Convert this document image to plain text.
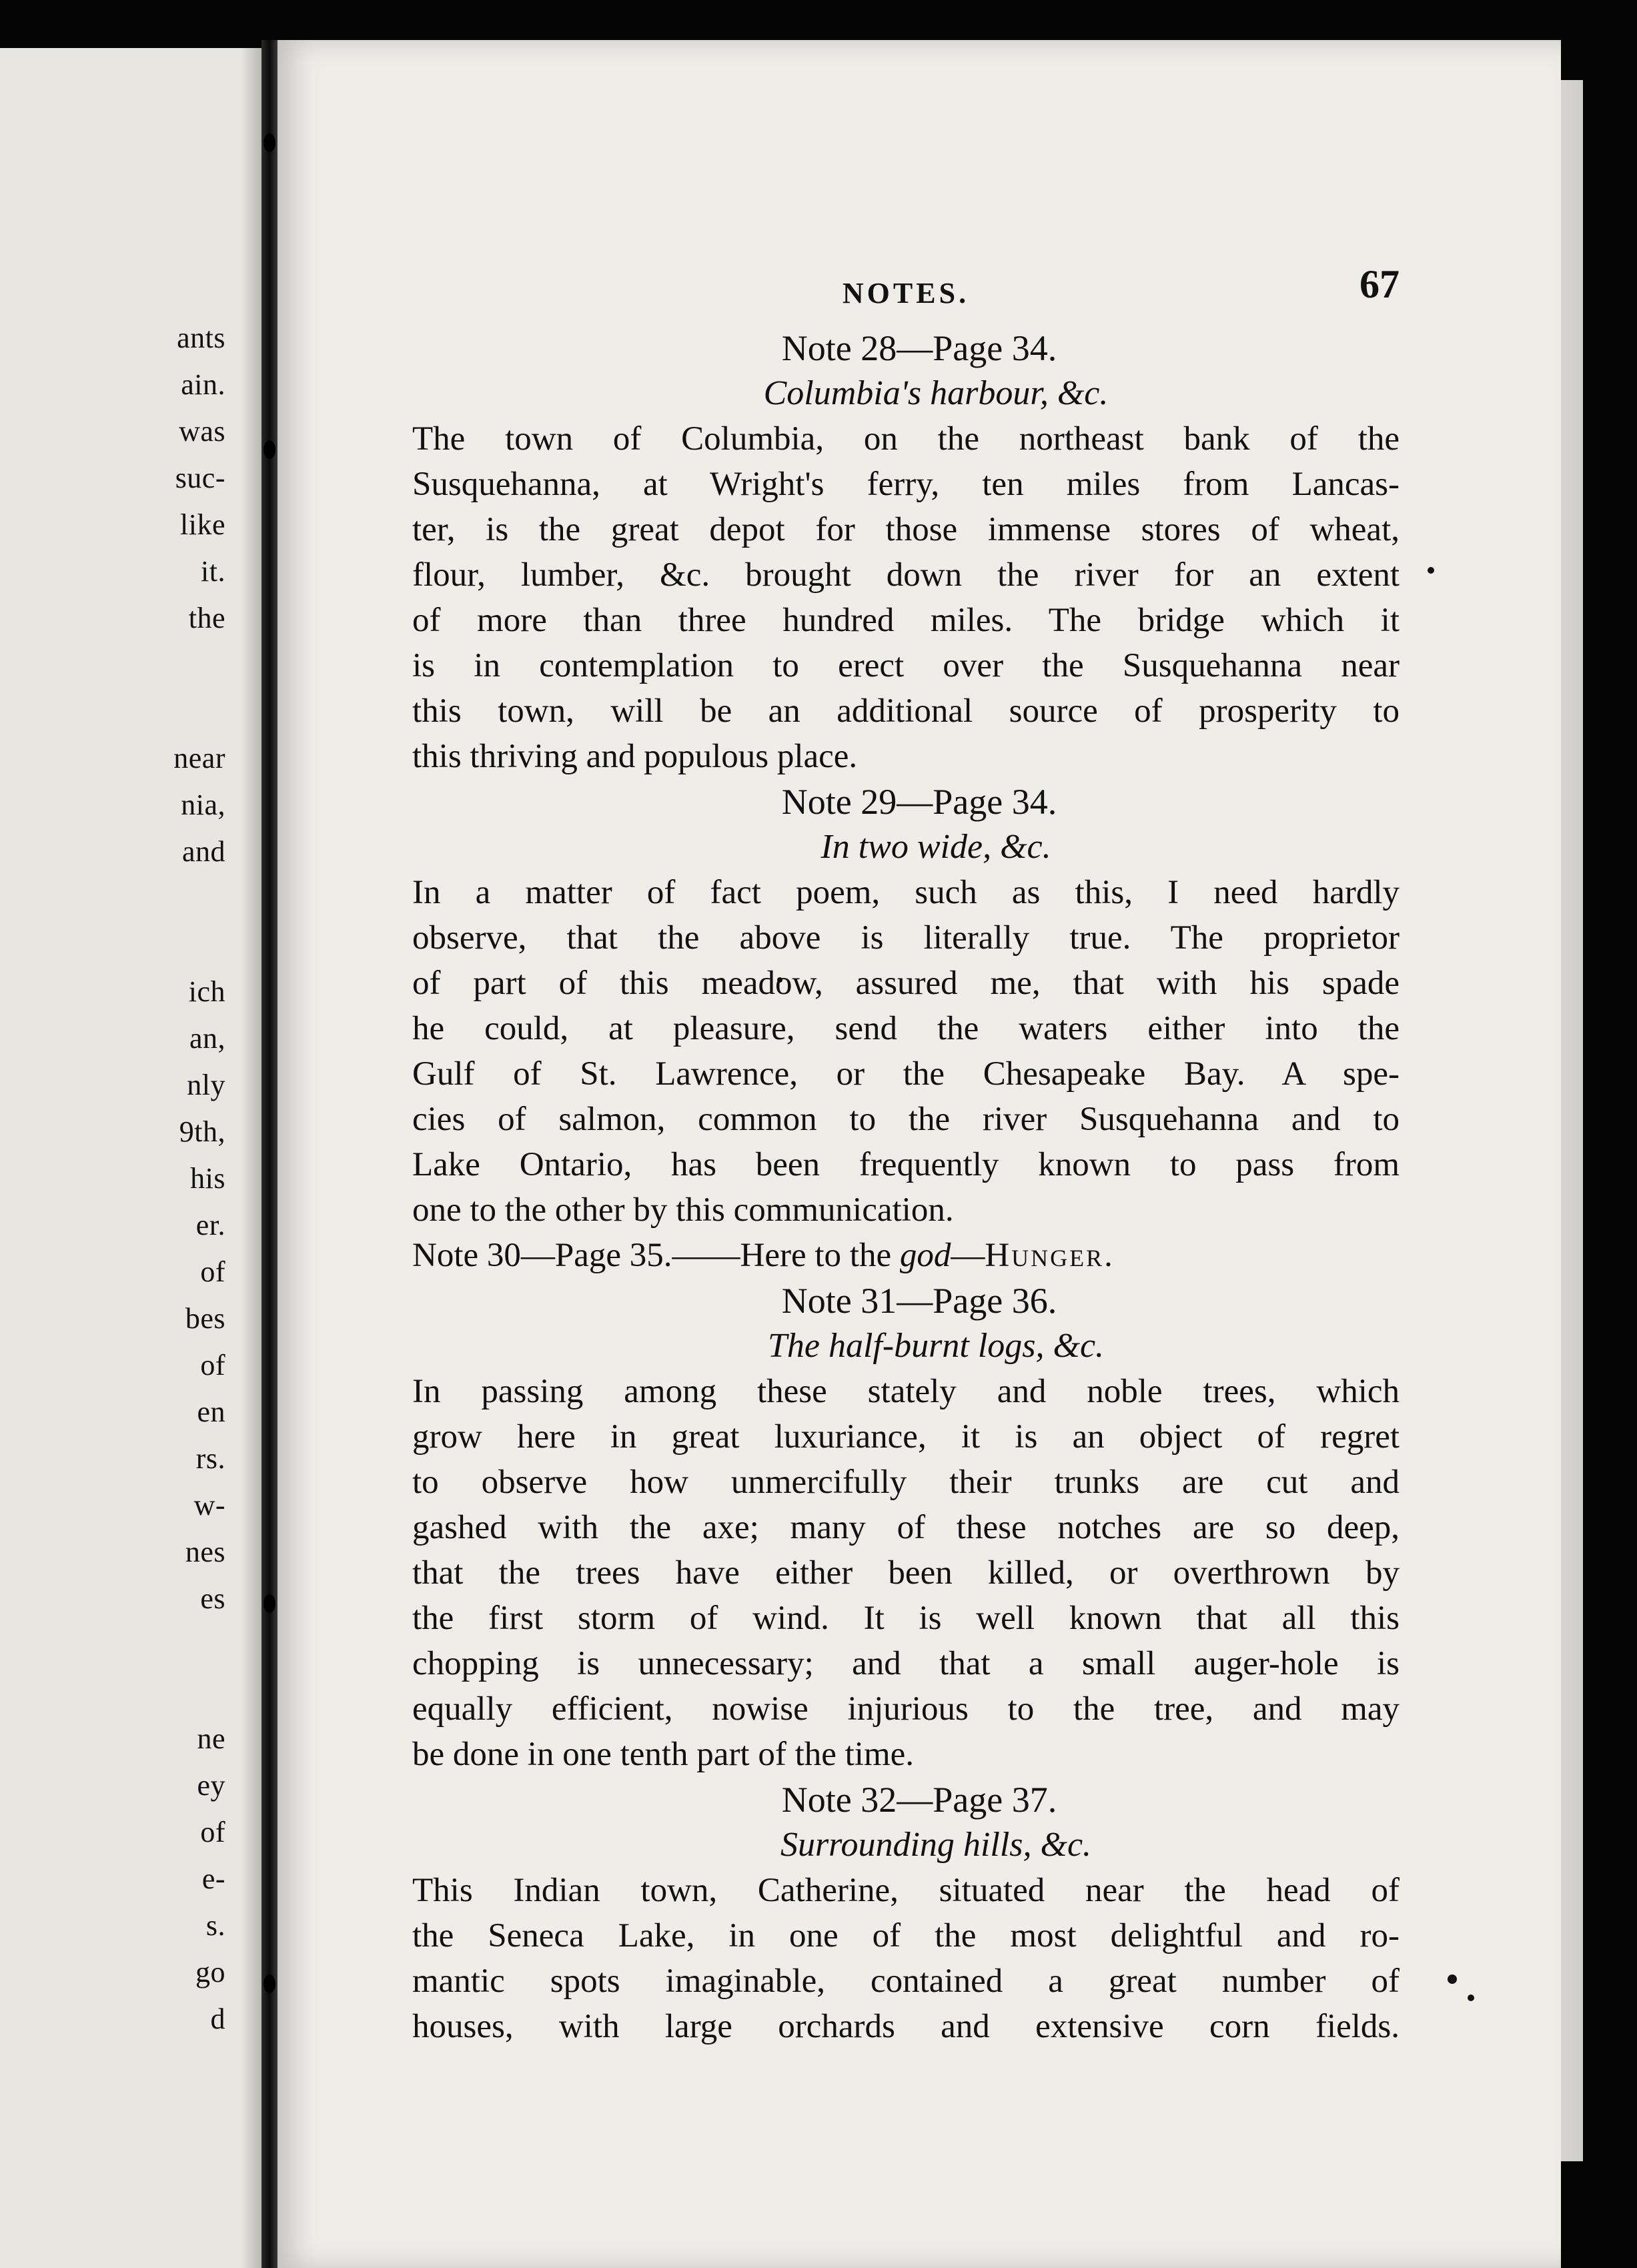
ants
ain.
was
suc-
like
it.
the
near
nia,
and
ich
an,
nly
9th,
his
er.
of
bes
of
en
rs.
w-
nes
es
ne
ey
of
e-
s.
go
d
NOTES.	67
Note 28—Page 34.
Columbia's harbour, &c.
The town of Columbia, on the northeast bank of the
Susquehanna, at Wright's ferry, ten miles from Lancas-
ter, is the great depot for those immense stores of wheat,
flour, lumber, &c. brought down the river for an extent
of more than three hundred miles. The bridge which it
is in contemplation to erect over the Susquehanna near
this town, will be an additional source of prosperity to
this thriving and populous place.
Note 29—Page 34.
In two wide, &c.
In a matter of fact poem, such as this, I need hardly
observe, that the above is literally true. The proprietor
of part of this meadow, assured me, that with his spade
he could, at pleasure, send the waters either into the
Gulf of St. Lawrence, or the Chesapeake Bay. A spe-
cies of salmon, common to the river Susquehanna and to
Lake Ontario, has been frequently known to pass from
one to the other by this communication.
Note 30—Page 35.——Here to the god—Hunger.
Note 31—Page 36.
The half-burnt logs, &c.
In passing among these stately and noble trees, which
grow here in great luxuriance, it is an object of regret
to observe how unmercifully their trunks are cut and
gashed with the axe; many of these notches are so deep,
that the trees have either been killed, or overthrown by
the first storm of wind. It is well known that all this
chopping is unnecessary; and that a small auger-hole is
equally efficient, nowise injurious to the tree, and may
be done in one tenth part of the time.
Note 32—Page 37.
Surrounding hills, &c.
This Indian town, Catherine, situated near the head of
the Seneca Lake, in one of the most delightful and ro-
mantic spots imaginable, contained a great number of
houses, with large orchards and extensive corn fields.
